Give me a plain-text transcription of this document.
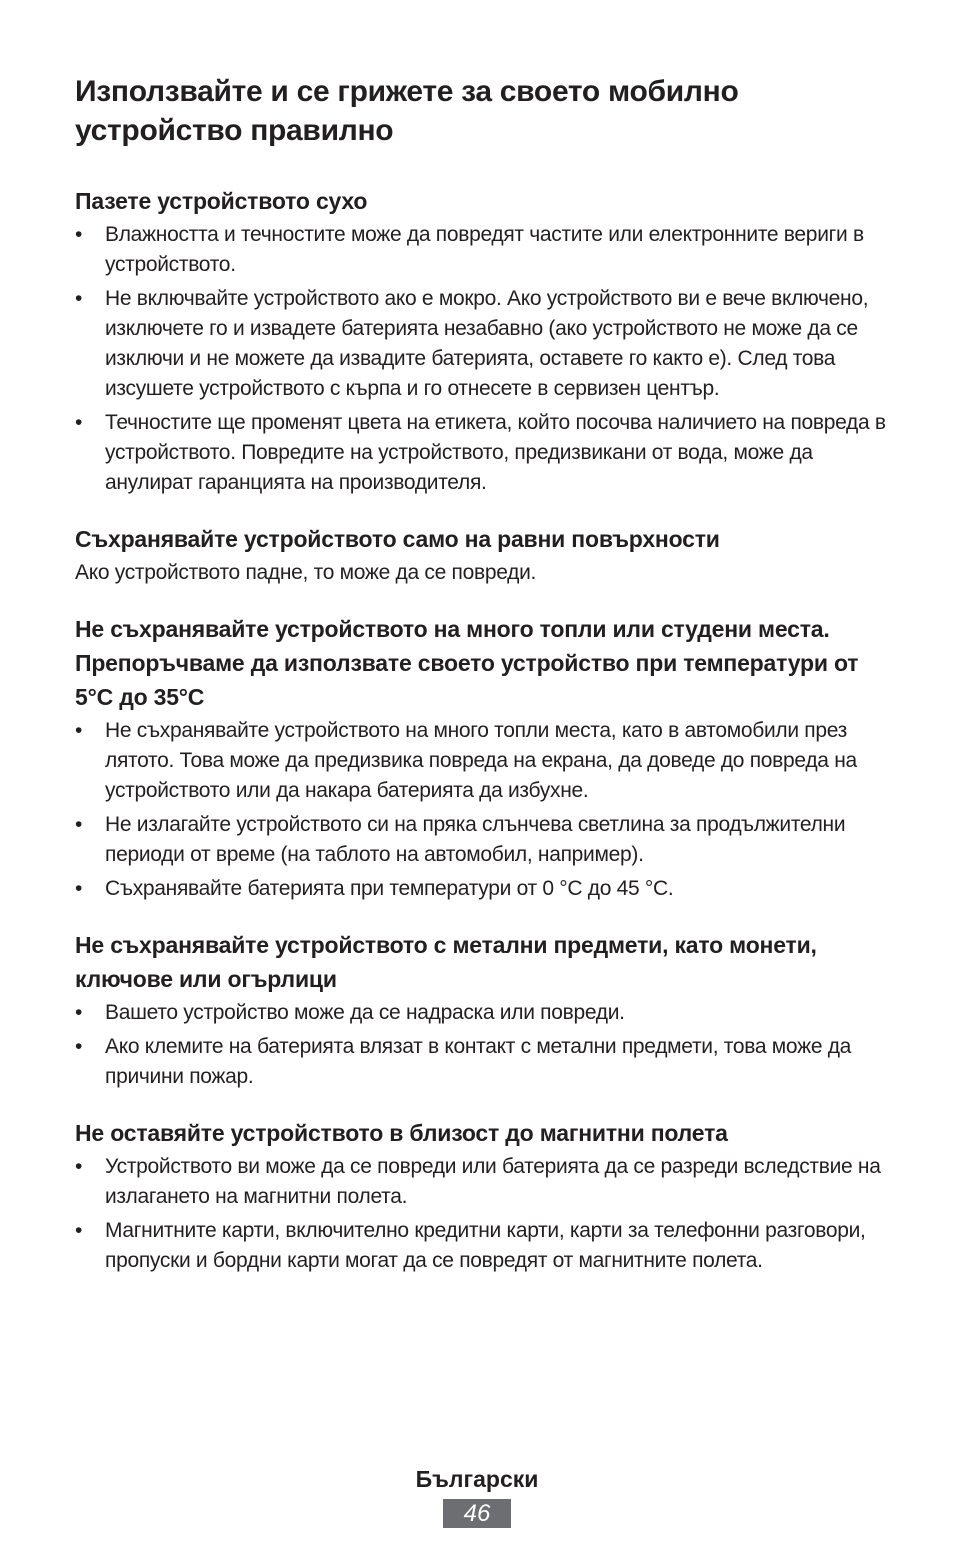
Използвайте и се грижете за своето мобилно устройство правилно
Пазете устройството сухо
• Влажността и течностите може да повредят частите или електронните вериги в устройството.
• Не включвайте устройството ако е мокро. Ако устройството ви е вече включено, изключете го и извадете батерията незабавно (ако устройството не може да се изключи и не можете да извадите батерията, оставете го както е). След това изсушете устройството с кърпа и го отнесете в сервизен център.
• Течностите ще променят цвета на етикета, който посочва наличието на повреда в устройството. Повредите на устройството, предизвикани от вода, може да анулират гаранцията на производителя.
Съхранявайте устройството само на равни повърхности

Ако устройството падне, то може да се повреди.

Не съхранявайте устройството на много топли или студени места. Препоръчваме да използвате своето устройство при температури от 5°C до 35°C
• Не съхранявайте устройството на много топли места, като в автомобили през лятото. Това може да предизвика повреда на екрана, да доведе до повреда на устройството или да накара батерията да избухне.
• Не излагайте устройството си на пряка слънчева светлина за продължителни периоди от време (на таблото на автомобил, например).
• Съхранявайте батерията при температури от 0 °C до 45 °C.
Не съхранявайте устройството с метални предмети, като монети, ключове или огърлици
• Вашето устройство може да се надраска или повреди.
• Ако клемите на батерията влязат в контакт с метални предмети, това може да причини пожар.
Не оставяйте устройството в близост до магнитни полета
• Устройството ви може да се повреди или батерията да се разреди вследствие на излагането на магнитни полета.
• Магнитните карти, включително кредитни карти, карти за телефонни разговори, пропуски и бордни карти могат да се повредят от магнитните полета.
Български
46
